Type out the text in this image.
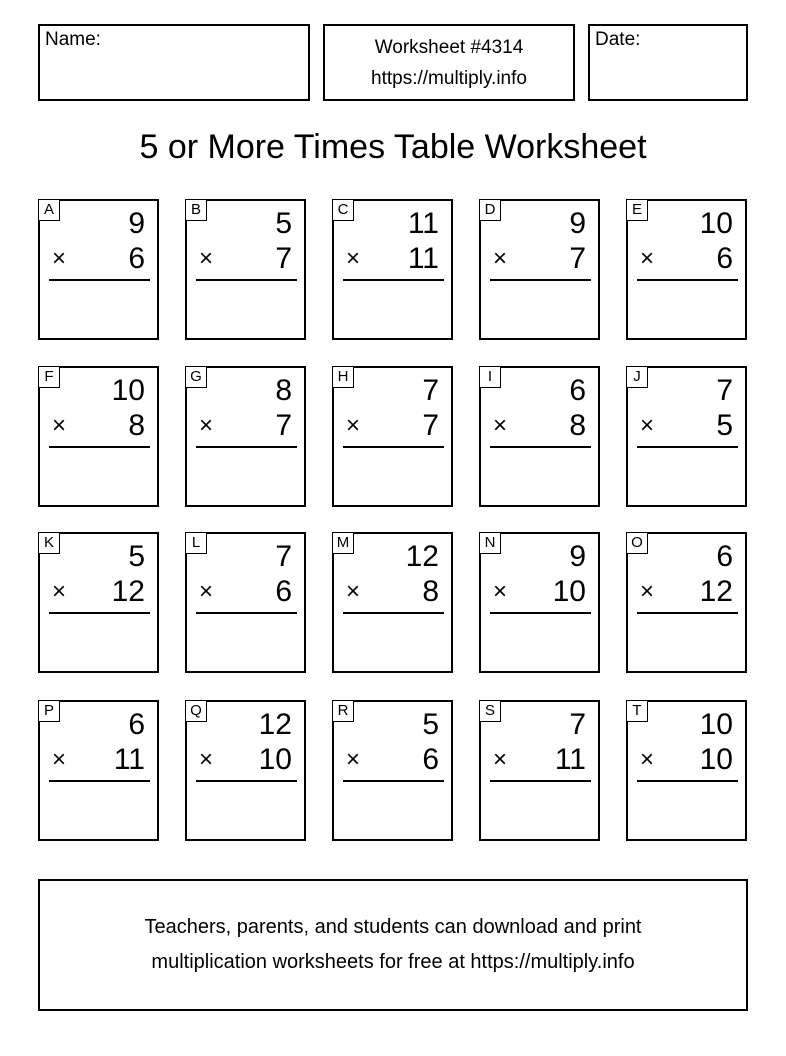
Name:	Worksheet #4314
https://multiply.info
Date:
5 or More Times Table Worksheet
A 9
× 6
B 5
× 7
C 11
× 11
D 9
× 7
E 10
× 6
F 10
× 8
G 8
× 7
H 7
× 7
I	6
× 8
J	7
× 5
K 5
× 12
L	7
× 6
M 12
× 8
N 9
× 10
O 6
× 12
P 6
× 11
Q 12
× 10
R 5
× 6
S 7
× 11
T 10
× 10
Teachers, parents, and students can download and print
multiplication worksheets for free at https://multiply.info
